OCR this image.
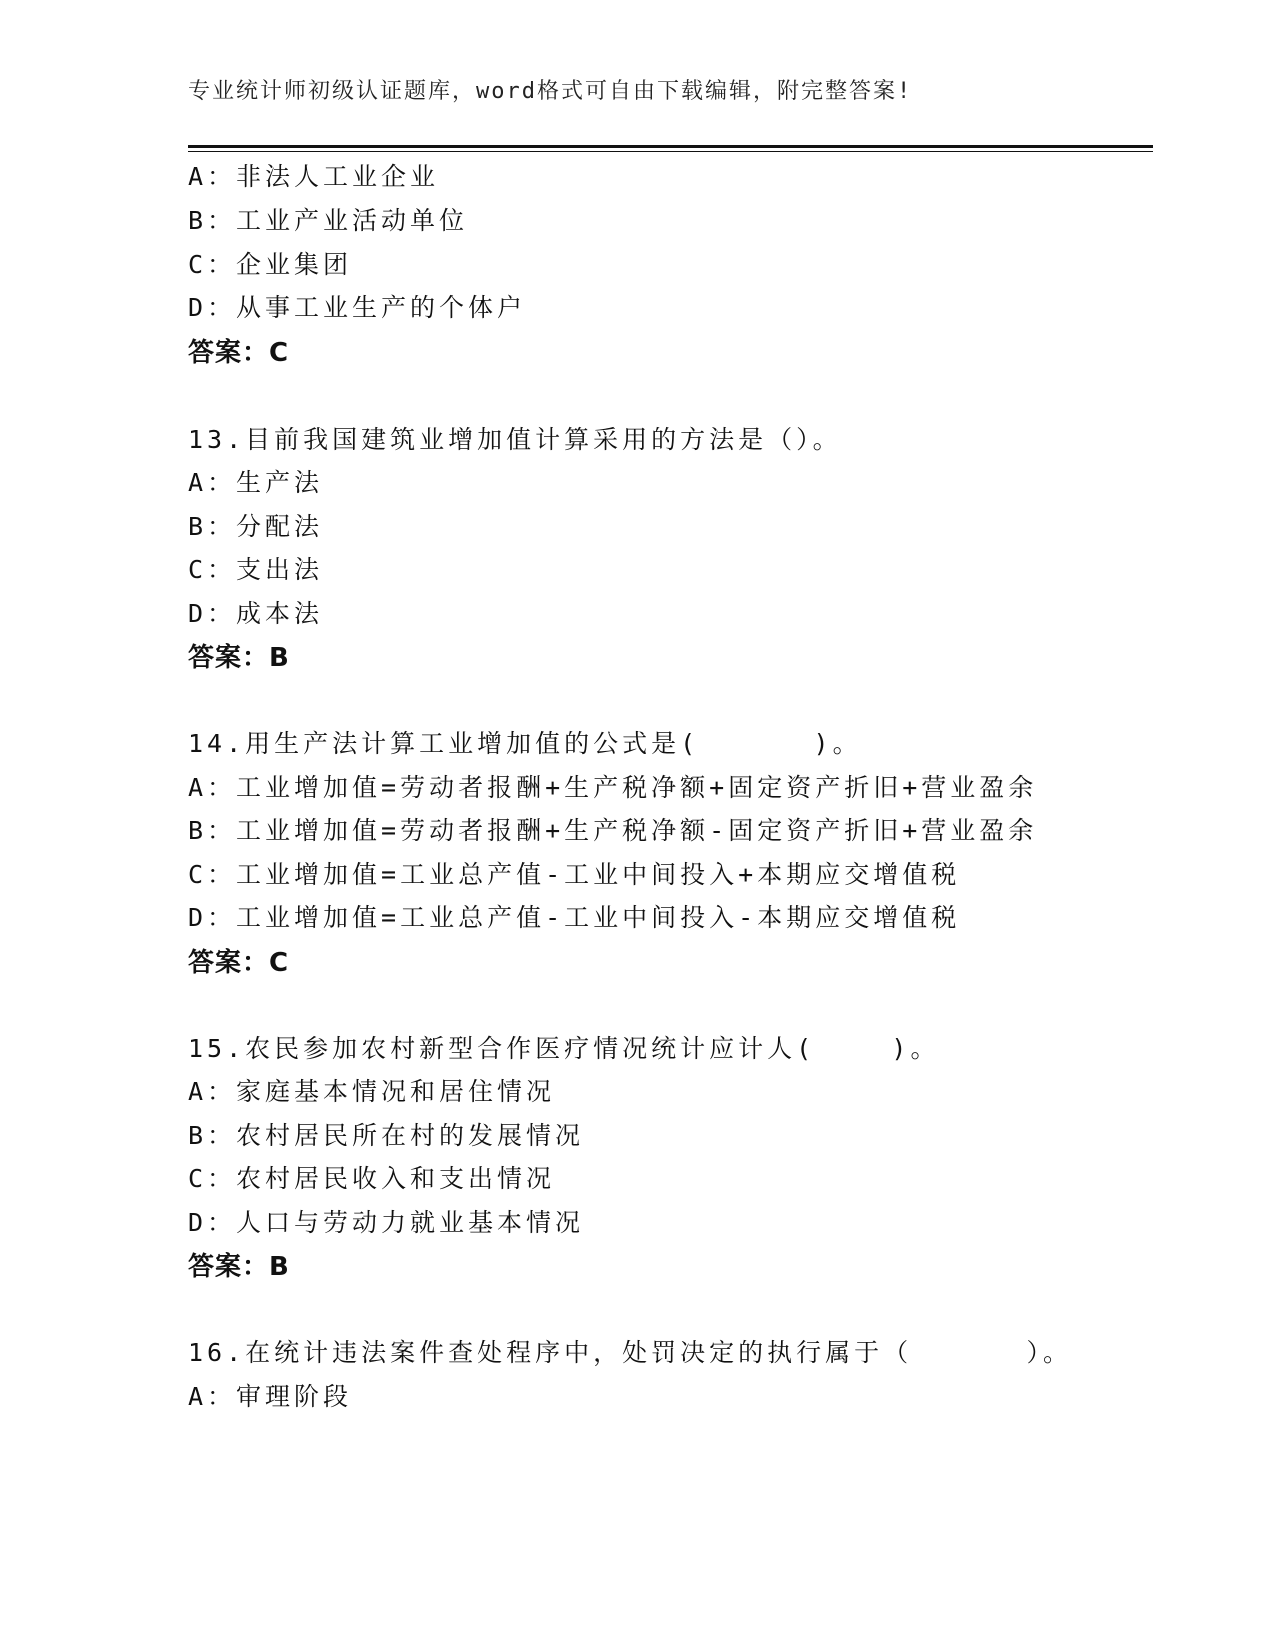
专业统计师初级认证题库，word格式可自由下载编辑，附完整答案!
A：非法人工业企业
B：工业产业活动单位
C：企业集团
D：从事工业生产的个体户
答案：C
13.目前我国建筑业增加值计算采用的方法是（）。
A：生产法
B：分配法
C：支出法
D：成本法
答案：B
14.用生产法计算工业增加值的公式是(      )。
A：工业增加值=劳动者报酬+生产税净额+固定资产折旧+营业盈余
B：工业增加值=劳动者报酬+生产税净额-固定资产折旧+营业盈余
C：工业增加值=工业总产值-工业中间投入+本期应交增值税
D：工业增加值=工业总产值-工业中间投入-本期应交增值税
答案：C
15.农民参加农村新型合作医疗情况统计应计人(    )。
A：家庭基本情况和居住情况
B：农村居民所在村的发展情况
C：农村居民收入和支出情况
D：人口与劳动力就业基本情况
答案：B
16.在统计违法案件查处程序中，处罚决定的执行属于（      ）。
A：审理阶段
